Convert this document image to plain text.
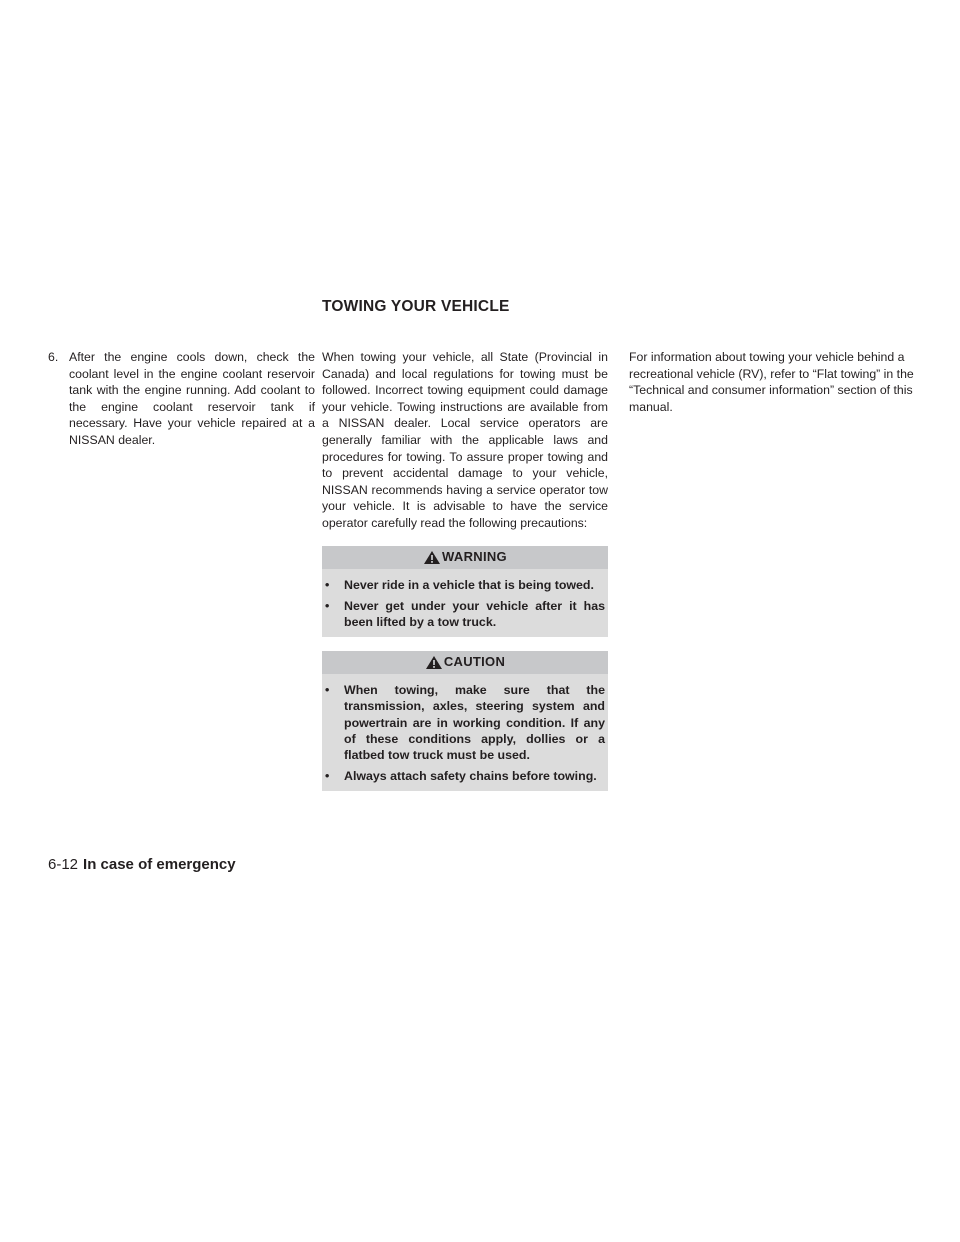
TOWING YOUR VEHICLE
6. After the engine cools down, check the coolant level in the engine coolant reservoir tank with the engine running. Add coolant to the engine coolant reservoir tank if necessary. Have your vehicle repaired at a NISSAN dealer.

When towing your vehicle, all State (Provincial in Canada) and local regulations for towing must be followed. Incorrect towing equipment could damage your vehicle. Towing instructions are available from a NISSAN dealer. Local service operators are generally familiar with the applicable laws and procedures for towing. To assure proper towing and to prevent accidental damage to your vehicle, NISSAN recommends having a service operator tow your vehicle. It is advisable to have the service operator carefully read the following precautions:

WARNING
•	Never ride in a vehicle that is being towed.
•	Never get under your vehicle after it has been lifted by a tow truck.
CAUTION
•	When towing, make sure that the transmission, axles, steering system and powertrain are in working condition. If any of these conditions apply, dollies or a flatbed tow truck must be used.
•	Always attach safety chains before towing.

For information about towing your vehicle behind a recreational vehicle (RV), refer to “Flat towing” in the “Technical and consumer information” section of this manual.

6-12 In case of emergency
